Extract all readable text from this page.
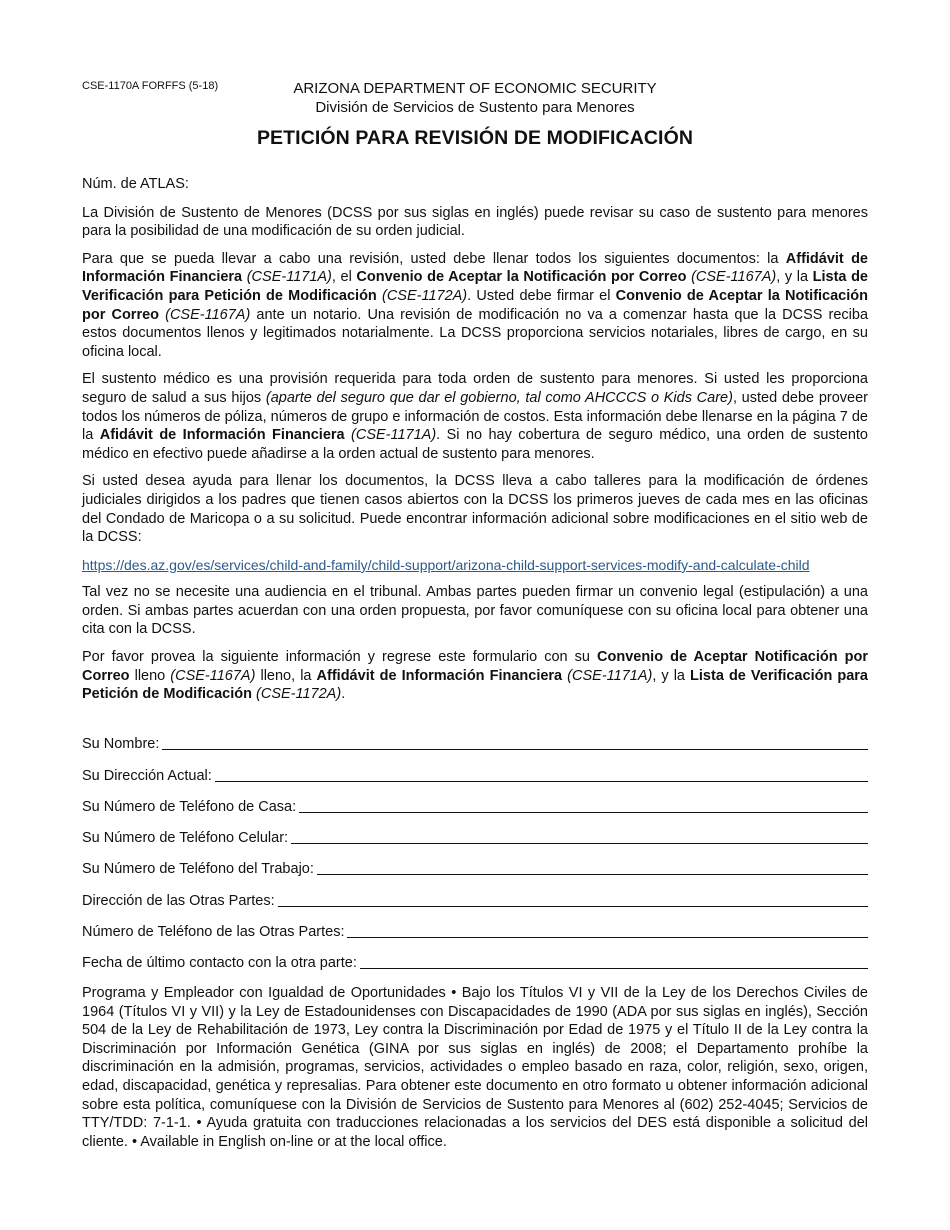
CSE-1170A FORFFS (5-18)	ARIZONA DEPARTMENT OF ECONOMIC SECURITY
División de Servicios de Sustento para Menores
PETICIÓN PARA REVISIÓN DE MODIFICACIÓN

Núm. de ATLAS:

La División de Sustento de Menores (DCSS por sus siglas en inglés) puede revisar su caso de sustento para menores para la posibilidad de una modificación de su orden judicial.

Para que se pueda llevar a cabo una revisión, usted debe llenar todos los siguientes documentos: la Affidávit de Información Financiera (CSE-1171A), el Convenio de Aceptar la Notificación por Correo (CSE-1167A), y la Lista de Verificación para Petición de Modificación (CSE-1172A). Usted debe firmar el Convenio de Aceptar la Notificación por Correo (CSE-1167A) ante un notario. Una revisión de modificación no va a comenzar hasta que la DCSS reciba estos documentos llenos y legitimados notarialmente. La DCSS proporciona servicios notariales, libres de cargo, en su oficina local.

El sustento médico es una provisión requerida para toda orden de sustento para menores. Si usted les proporciona seguro de salud a sus hijos (aparte del seguro que dar el gobierno, tal como AHCCCS o Kids Care), usted debe proveer todos los números de póliza, números de grupo e información de costos. Esta información debe llenarse en la página 7 de la Afidávit de Información Financiera (CSE-1171A). Si no hay cobertura de seguro médico, una orden de sustento médico en efectivo puede añadirse a la orden actual de sustento para menores.

Si usted desea ayuda para llenar los documentos, la DCSS lleva a cabo talleres para la modificación de órdenes judiciales dirigidos a los padres que tienen casos abiertos con la DCSS los primeros jueves de cada mes en las oficinas del Condado de Maricopa o a su solicitud. Puede encontrar información adicional sobre modificaciones en el sitio web de la DCSS:

https://des.az.gov/es/services/child-and-family/child-support/arizona-child-support-services-modify-and-calculate-child

Tal vez no se necesite una audiencia en el tribunal. Ambas partes pueden firmar un convenio legal (estipulación) a una orden. Si ambas partes acuerdan con una orden propuesta, por favor comuníquese con su oficina local para obtener una cita con la DCSS.

Por favor provea la siguiente información y regrese este formulario con su Convenio de Aceptar Notificación por Correo lleno (CSE-1167A) lleno, la Affidávit de Información Financiera (CSE-1171A), y la Lista de Verificación para Petición de Modificación (CSE-1172A).

Su Nombre:
Su Dirección Actual:
Su Número de Teléfono de Casa:
Su Número de Teléfono Celular:
Su Número de Teléfono del Trabajo:
Dirección de las Otras Partes:
Número de Teléfono de las Otras Partes:
Fecha de último contacto con la otra parte:

Programa y Empleador con Igualdad de Oportunidades • Bajo los Títulos VI y VII de la Ley de los Derechos Civiles de 1964 (Títulos VI y VII) y la Ley de Estadounidenses con Discapacidades de 1990 (ADA por sus siglas en inglés), Sección 504 de la Ley de Rehabilitación de 1973, Ley contra la Discriminación por Edad de 1975 y el Título II de la Ley contra la Discriminación por Información Genética (GINA por sus siglas en inglés) de 2008; el Departamento prohíbe la discriminación en la admisión, programas, servicios, actividades o empleo basado en raza, color, religión, sexo, origen, edad, discapacidad, genética y represalias. Para obtener este documento en otro formato u obtener información adicional sobre esta política, comuníquese con la División de Servicios de Sustento para Menores al (602) 252-4045; Servicios de TTY/TDD: 7-1-1. • Ayuda gratuita con traducciones relacionadas a los servicios del DES está disponible a solicitud del cliente. • Available in English on-line or at the local office.
